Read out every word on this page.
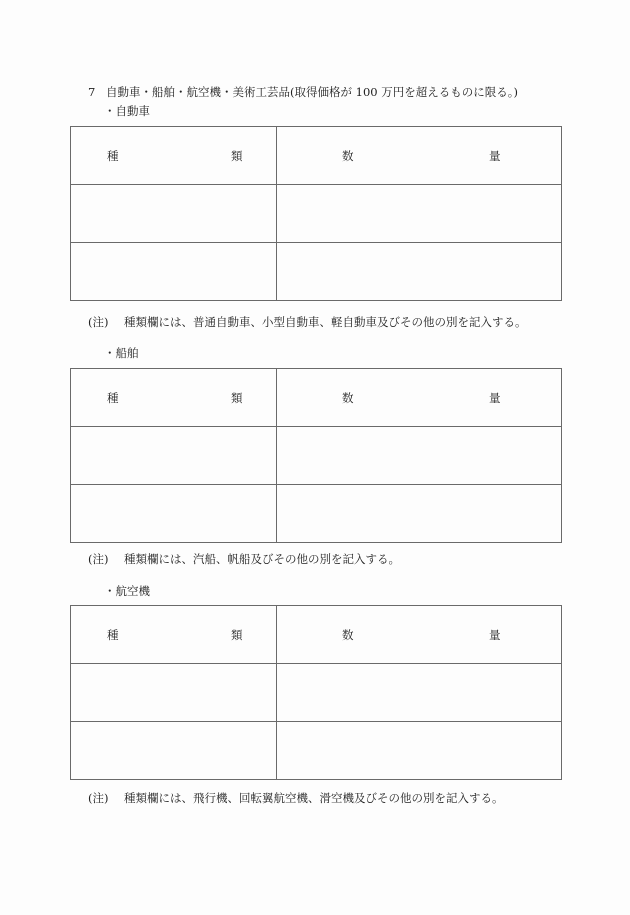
7 自動車・船舶・航空機・美術工芸品(取得価格が 100 万円を超えるものに限る。)
・自動車
種 類	数 量

(注) 種類欄には、普通自動車、小型自動車、軽自動車及びその他の別を記入する。
・船舶
種 類	数 量

(注) 種類欄には、汽船、帆船及びその他の別を記入する。
・航空機
種 類	数 量

(注) 種類欄には、飛行機、回転翼航空機、滑空機及びその他の別を記入する。
